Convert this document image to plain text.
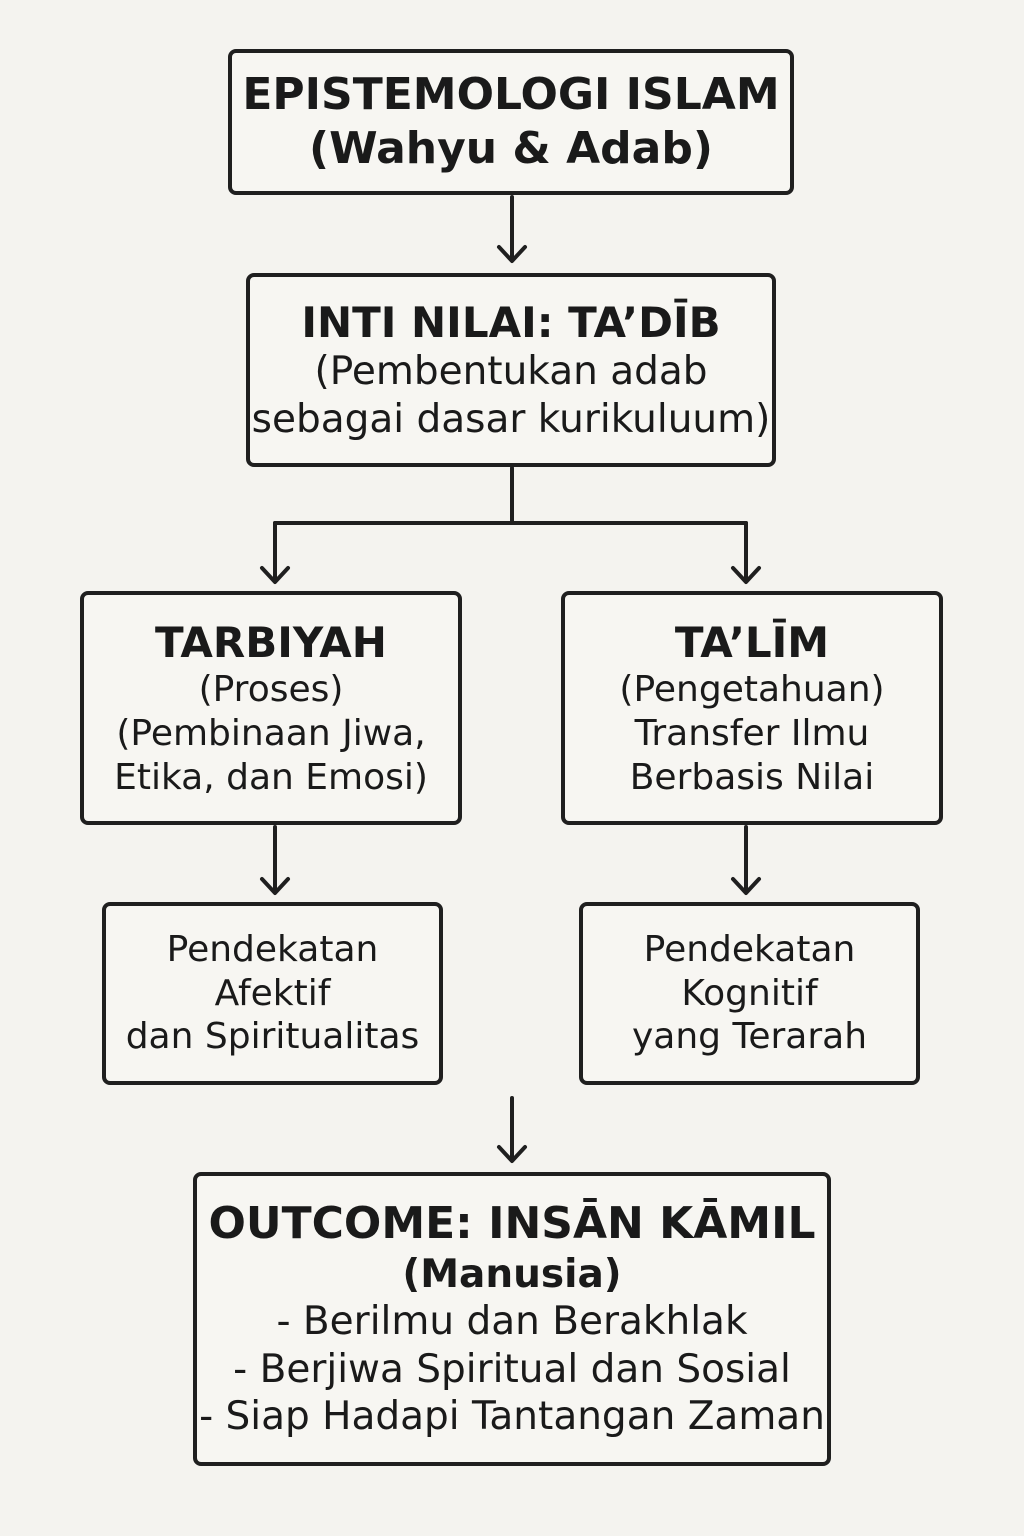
EPISTEMOLOGI ISLAM
(Wahyu & Adab)
INTI NILAI: TA’DĪB
(Pembentukan adab
sebagai dasar kurikuluum)
TARBIYAH
(Proses)
(Pembinaan Jiwa,
Etika, dan Emosi)
TA’LĪM
(Pengetahuan)
Transfer Ilmu
Berbasis Nilai
Pendekatan
Afektif
dan Spiritualitas
Pendekatan
Kognitif
yang Terarah
OUTCOME: INSĀN KĀMIL
(Manusia)
- Berilmu dan Berakhlak
- Berjiwa Spiritual dan Sosial
- Siap Hadapi Tantangan Zaman
